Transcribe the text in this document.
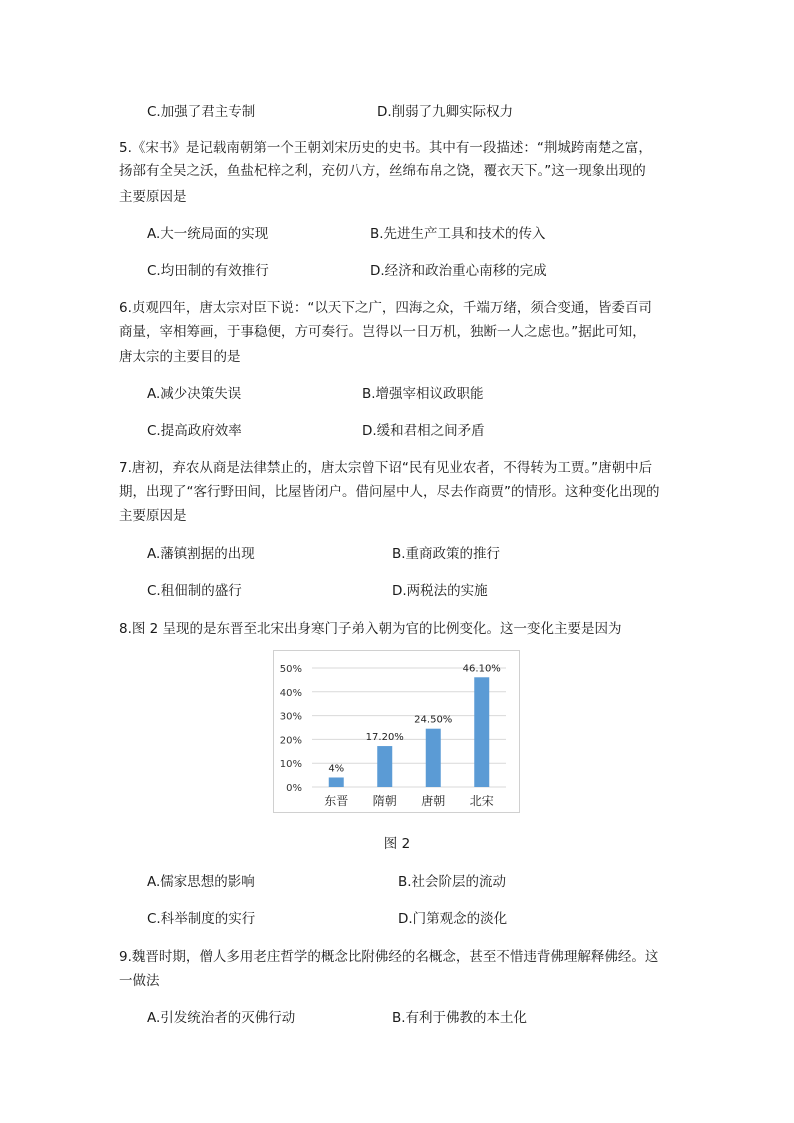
C.加强了君主专制	D.削弱了九卿实际权力
5.《宋书》是记载南朝第一个王朝刘宋历史的史书。其中有一段描述：“荆城跨南楚之富，
扬部有全吴之沃，鱼盐杞梓之利，充仞八方，丝绵布帛之饶，覆衣天下。”这一现象出现的
主要原因是
A.大一统局面的实现	B.先进生产工具和技术的传入
C.均田制的有效推行	D.经济和政治重心南移的完成
6.贞观四年，唐太宗对臣下说：“以天下之广，四海之众，千端万绪，须合变通，皆委百司
商量，宰相筹画，于事稳便，方可奏行。岂得以一日万机，独断一人之虑也。”据此可知，
唐太宗的主要目的是
A.减少决策失误	B.增强宰相议政职能
C.提高政府效率	D.缓和君相之间矛盾
7.唐初，弃农从商是法律禁止的，唐太宗曾下诏“民有见业农者，不得转为工贾。”唐朝中后
期，出现了“客行野田间，比屋皆闭户。借问屋中人，尽去作商贾”的情形。这种变化出现的
主要原因是
A.藩镇割据的出现	B.重商政策的推行
C.租佃制的盛行	D.两税法的实施
8.图 2 呈现的是东晋至北宋出身寒门子弟入朝为官的比例变化。这一变化主要是因为
0%
10%
20%
30%
40%
50%
4%
东晋
17.20%
隋朝
24.50%
唐朝
46.10%
北宋
图 2
A.儒家思想的影响	B.社会阶层的流动
C.科举制度的实行	D.门第观念的淡化
9.魏晋时期，僧人多用老庄哲学的概念比附佛经的名概念，甚至不惜违背佛理解释佛经。这
一做法
A.引发统治者的灭佛行动	B.有利于佛教的本土化
